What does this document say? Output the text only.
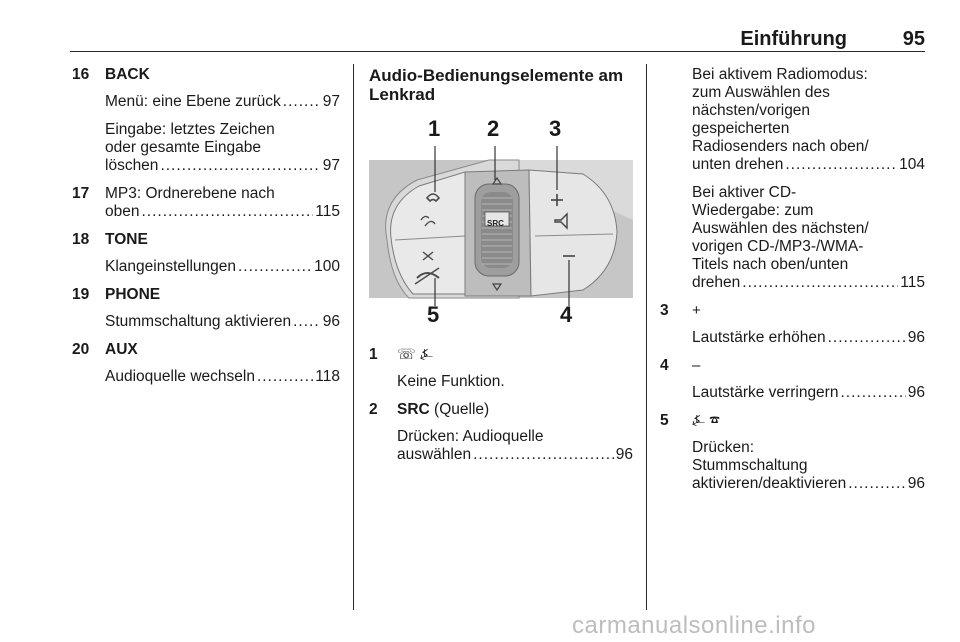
Einführung	95
16 BACK
Menü: eine Ebene zurück .....	97
Eingabe: letztes Zeichen
oder gesamte Eingabe
löschen .....	97
17 MP3: Ordnerebene nach
oben .....	115
18 TONE
Klangeinstellungen .....	100
19 PHONE
Stummschaltung aktivieren ..... 96
20 AUX
Audioquelle wechseln .....	118
Audio-Bedienungselemente am Lenkrad
1 2 3
5	4
SRC
1 ☏ ⍼
Keine Funktion.
2 SRC (Quelle)
Drücken: Audioquelle
auswählen .....	96
Bei aktivem Radiomodus:
zum Auswählen des
nächsten/vorigen
gespeicherten
Radiosenders nach oben/
unten drehen .....	104
Bei aktiver CD-
Wiedergabe: zum
Auswählen des nächsten/
vorigen CD-/MP3-/WMA-
Titels nach oben/unten
drehen .....	115
3 +
Lautstärke erhöhen .....	96
4 –
Lautstärke verringern .....	96
5 ⍼ ☎
Drücken:
Stummschaltung
aktivieren/deaktivieren .....	96
carmanualsonline.info
